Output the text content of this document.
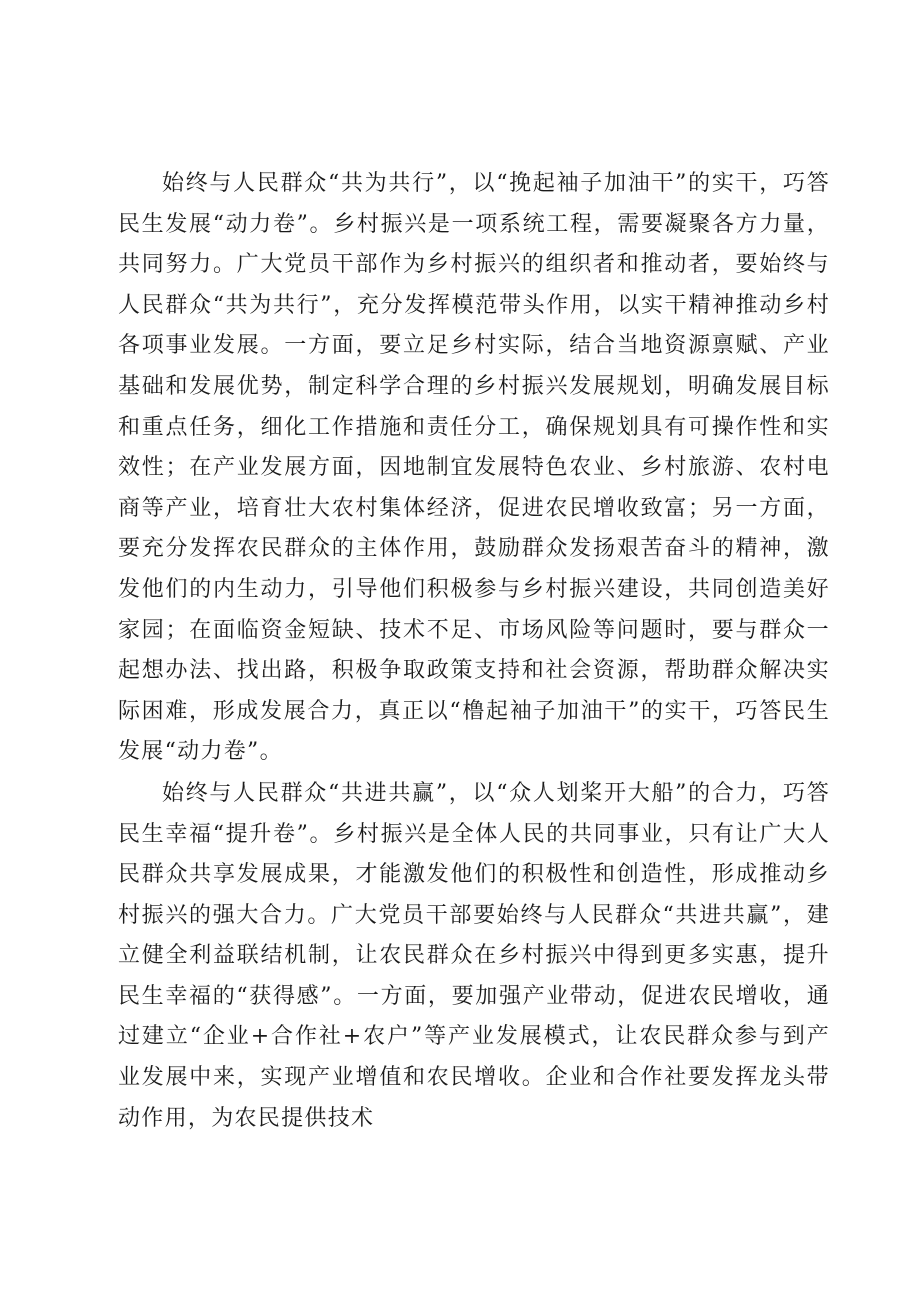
始终与人民群众“共为共行”，以“挽起袖子加油干”的实干，巧答民生发展“动力卷”。乡村振兴是一项系统工程，需要凝聚各方力量，共同努力。广大党员干部作为乡村振兴的组织者和推动者，要始终与人民群众“共为共行”，充分发挥模范带头作用，以实干精神推动乡村各项事业发展。一方面，要立足乡村实际，结合当地资源禀赋、产业基础和发展优势，制定科学合理的乡村振兴发展规划，明确发展目标和重点任务，细化工作措施和责任分工，确保规划具有可操作性和实效性；在产业发展方面，因地制宜发展特色农业、乡村旅游、农村电商等产业，培育壮大农村集体经济，促进农民增收致富；另一方面，要充分发挥农民群众的主体作用，鼓励群众发扬艰苦奋斗的精神，激发他们的内生动力，引导他们积极参与乡村振兴建设，共同创造美好家园；在面临资金短缺、技术不足、市场风险等问题时，要与群众一起想办法、找出路，积极争取政策支持和社会资源，帮助群众解决实际困难，形成发展合力，真正以“橹起袖子加油干”的实干，巧答民生发展“动力卷”。

始终与人民群众“共进共赢”，以“众人划桨开大船”的合力，巧答民生幸福“提升卷”。乡村振兴是全体人民的共同事业，只有让广大人民群众共享发展成果，才能激发他们的积极性和创造性，形成推动乡村振兴的强大合力。广大党员干部要始终与人民群众“共进共赢”，建立健全利益联结机制，让农民群众在乡村振兴中得到更多实惠，提升民生幸福的“获得感”。一方面，要加强产业带动，促进农民增收，通过建立“企业+合作社+农户”等产业发展模式，让农民群众参与到产业发展中来，实现产业增值和农民增收。企业和合作社要发挥龙头带动作用，为农民提供技术
